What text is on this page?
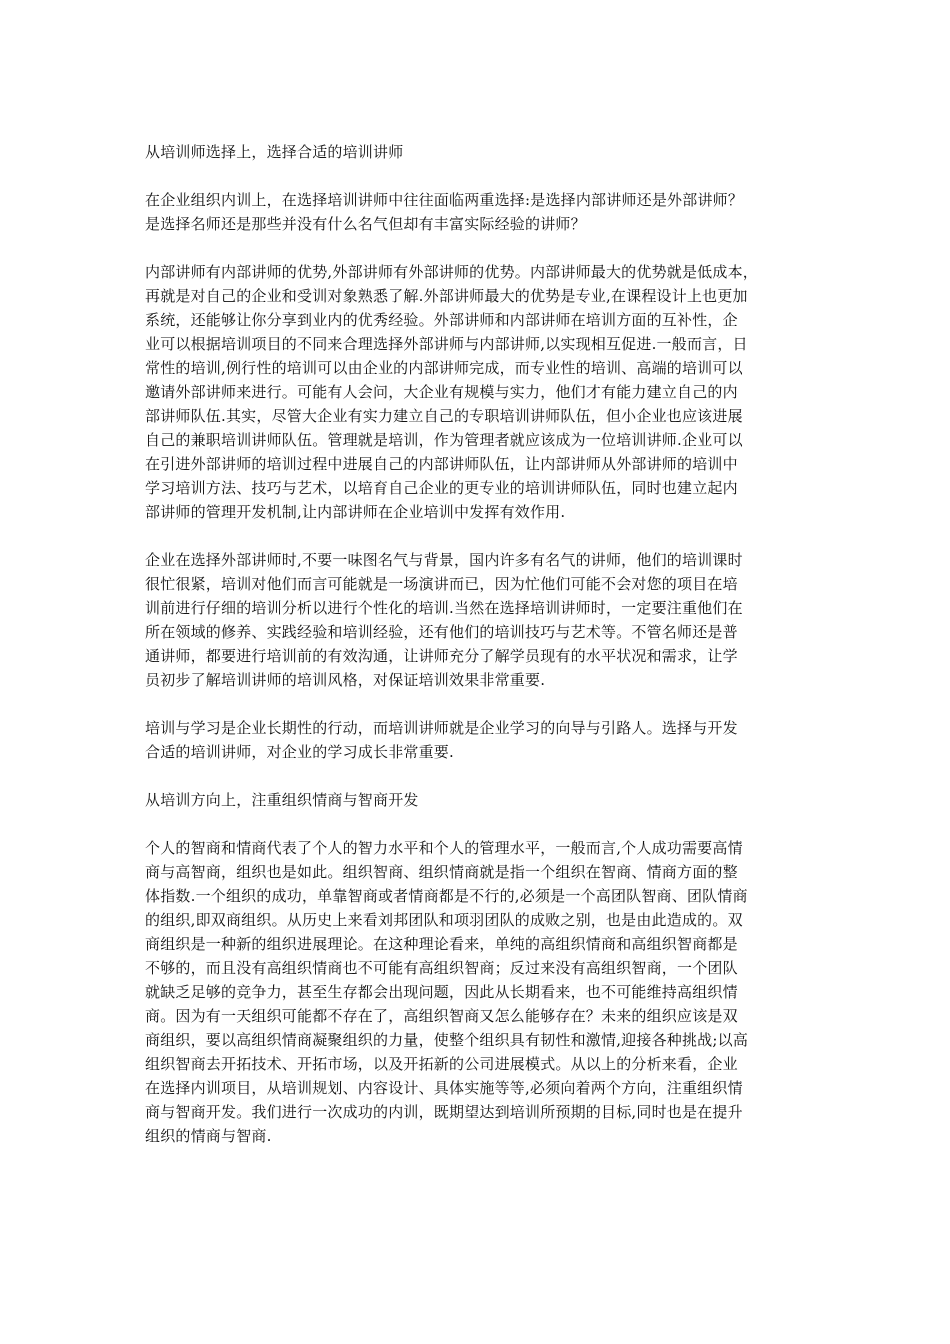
从培训师选择上，选择合适的培训讲师

在企业组织内训上，在选择培训讲师中往往面临两重选择:是选择内部讲师还是外部讲师？
是选择名师还是那些并没有什么名气但却有丰富实际经验的讲师？

内部讲师有内部讲师的优势,外部讲师有外部讲师的优势。内部讲师最大的优势就是低成本，
再就是对自己的企业和受训对象熟悉了解.外部讲师最大的优势是专业,在课程设计上也更加
系统，还能够让你分享到业内的优秀经验。外部讲师和内部讲师在培训方面的互补性，企
业可以根据培训项目的不同来合理选择外部讲师与内部讲师,以实现相互促进.一般而言，日
常性的培训,例行性的培训可以由企业的内部讲师完成，而专业性的培训、高端的培训可以
邀请外部讲师来进行。可能有人会问，大企业有规模与实力，他们才有能力建立自己的内
部讲师队伍.其实，尽管大企业有实力建立自己的专职培训讲师队伍，但小企业也应该进展
自己的兼职培训讲师队伍。管理就是培训，作为管理者就应该成为一位培训讲师.企业可以
在引进外部讲师的培训过程中进展自己的内部讲师队伍，让内部讲师从外部讲师的培训中
学习培训方法、技巧与艺术，以培育自己企业的更专业的培训讲师队伍，同时也建立起内
部讲师的管理开发机制,让内部讲师在企业培训中发挥有效作用.

企业在选择外部讲师时,不要一味图名气与背景，国内许多有名气的讲师，他们的培训课时
很忙很紧，培训对他们而言可能就是一场演讲而已，因为忙他们可能不会对您的项目在培
训前进行仔细的培训分析以进行个性化的培训.当然在选择培训讲师时，一定要注重他们在
所在领域的修养、实践经验和培训经验，还有他们的培训技巧与艺术等。不管名师还是普
通讲师，都要进行培训前的有效沟通，让讲师充分了解学员现有的水平状况和需求，让学
员初步了解培训讲师的培训风格，对保证培训效果非常重要.

培训与学习是企业长期性的行动，而培训讲师就是企业学习的向导与引路人。选择与开发
合适的培训讲师，对企业的学习成长非常重要.

从培训方向上，注重组织情商与智商开发

个人的智商和情商代表了个人的智力水平和个人的管理水平，一般而言,个人成功需要高情
商与高智商，组织也是如此。组织智商、组织情商就是指一个组织在智商、情商方面的整
体指数.一个组织的成功，单靠智商或者情商都是不行的,必须是一个高团队智商、团队情商
的组织,即双商组织。从历史上来看刘邦团队和项羽团队的成败之别，也是由此造成的。双
商组织是一种新的组织进展理论。在这种理论看来，单纯的高组织情商和高组织智商都是
不够的，而且没有高组织情商也不可能有高组织智商；反过来没有高组织智商，一个团队
就缺乏足够的竞争力，甚至生存都会出现问题，因此从长期看来，也不可能维持高组织情
商。因为有一天组织可能都不存在了，高组织智商又怎么能够存在？未来的组织应该是双
商组织，要以高组织情商凝聚组织的力量，使整个组织具有韧性和激情,迎接各种挑战;以高
组织智商去开拓技术、开拓市场，以及开拓新的公司进展模式。从以上的分析来看，企业
在选择内训项目，从培训规划、内容设计、具体实施等等,必须向着两个方向，注重组织情
商与智商开发。我们进行一次成功的内训，既期望达到培训所预期的目标,同时也是在提升
组织的情商与智商.
